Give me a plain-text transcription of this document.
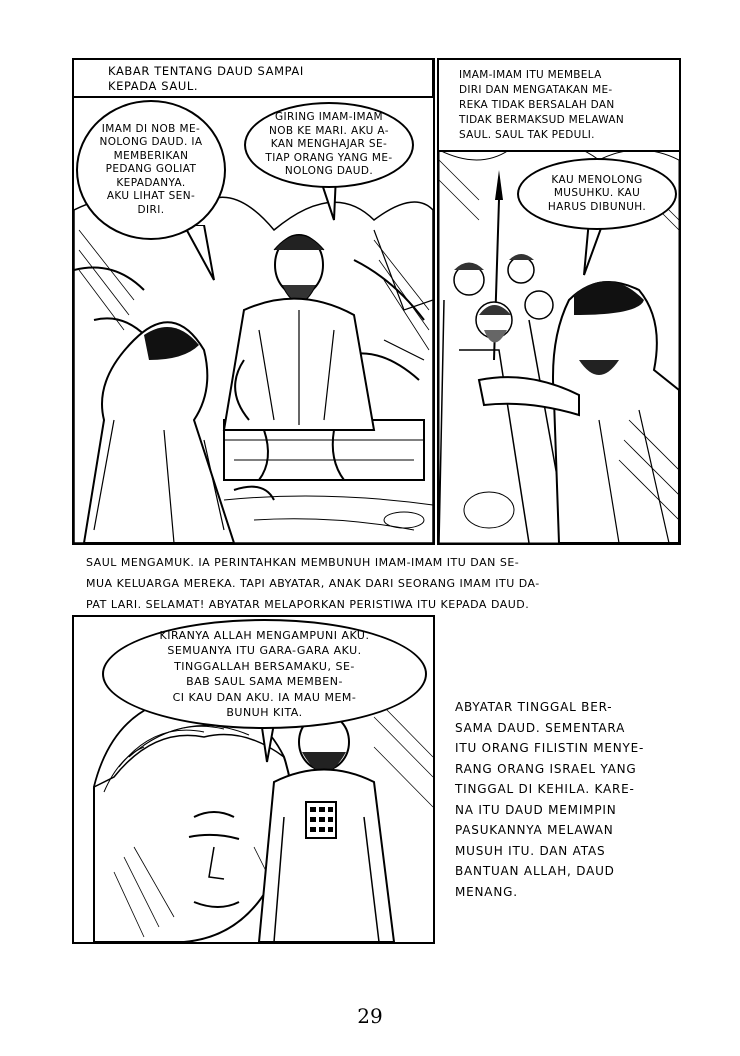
KABAR TENTANG DAUD SAMPAI
KEPADA SAUL.
IMAM DI NOB ME-
NOLONG DAUD. IA
MEMBERIKAN
PEDANG GOLIAT
KEPADANYA.
AKU LIHAT SEN-
DIRI.
GIRING IMAM-IMAM
NOB KE MARI. AKU A-
KAN MENGHAJAR SE-
TIAP ORANG YANG ME-
NOLONG DAUD.
IMAM-IMAM ITU MEMBELA
DIRI DAN MENGATAKAN ME-
REKA TIDAK BERSALAH DAN
TIDAK BERMAKSUD MELAWAN
SAUL. SAUL TAK PEDULI.
KAU MENOLONG
MUSUHKU. KAU
HARUS DIBUNUH.
SAUL MENGAMUK. IA PERINTAHKAN MEMBUNUH IMAM-IMAM ITU DAN SE-
MUA KELUARGA MEREKA. TAPI ABYATAR, ANAK DARI SEORANG IMAM ITU DA-
PAT LARI. SELAMAT! ABYATAR MELAPORKAN PERISTIWA ITU KEPADA DAUD.
KIRANYA ALLAH MENGAMPUNI AKU.
SEMUANYA ITU GARA-GARA AKU.
TINGGALLAH BERSAMAKU, SE-
BAB SAUL SAMA MEMBEN-
CI KAU DAN AKU. IA MAU MEM-
BUNUH KITA.	ABYATAR TINGGAL BER-
SAMA DAUD. SEMENTARA
ITU ORANG FILISTIN MENYE-
RANG ORANG ISRAEL YANG
TINGGAL DI KEHILA. KARE-
NA ITU DAUD MEMIMPIN
PASUKANNYA MELAWAN
MUSUH ITU. DAN ATAS
BANTUAN ALLAH, DAUD
MENANG.
29
